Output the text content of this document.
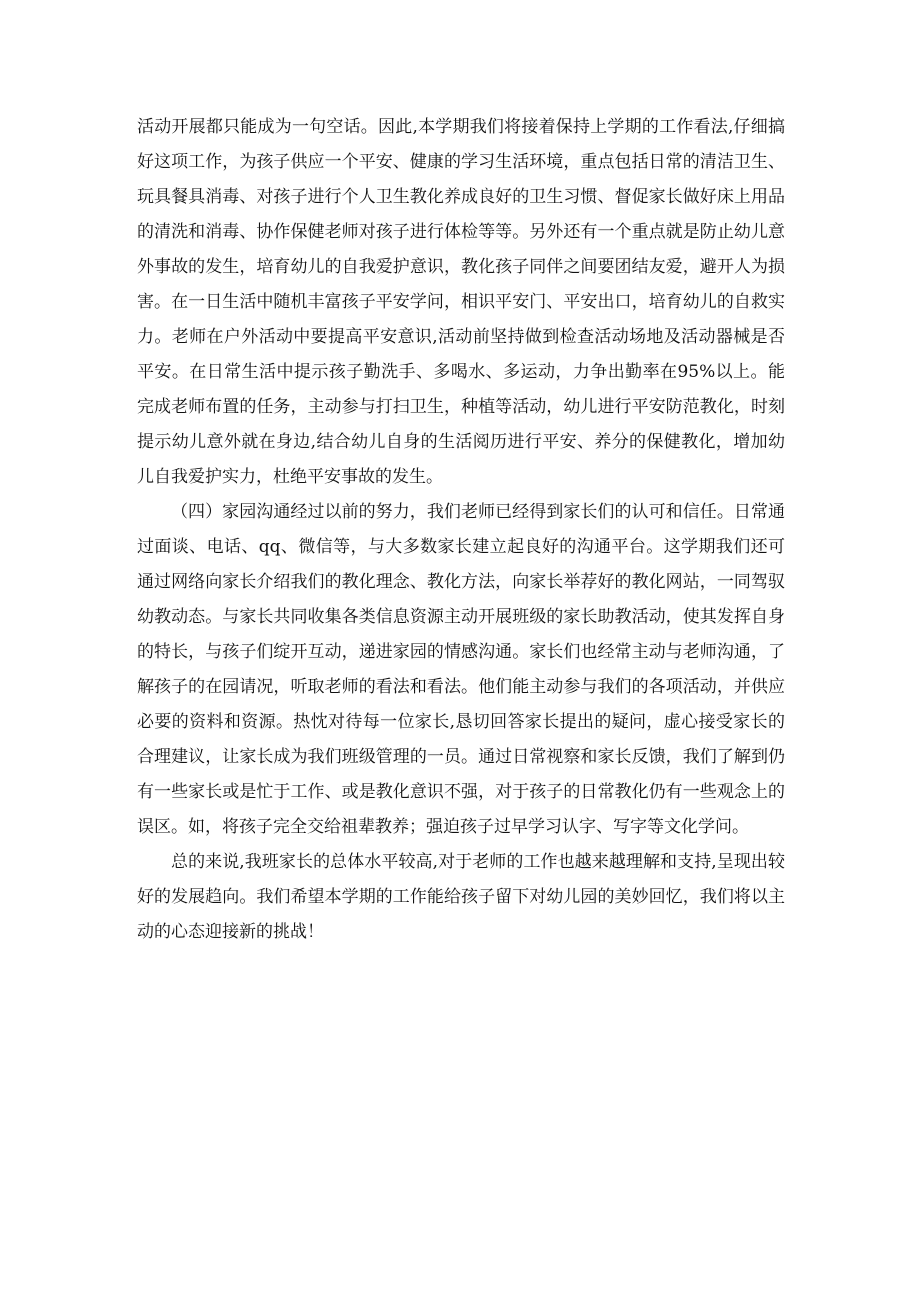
活动开展都只能成为一句空话。因此,本学期我们将接着保持上学期的工作看法,仔细搞好这项工作，为孩子供应一个平安、健康的学习生活环境，重点包括日常的清洁卫生、玩具餐具消毒、对孩子进行个人卫生教化养成良好的卫生习惯、督促家长做好床上用品的清洗和消毒、协作保健老师对孩子进行体检等等。另外还有一个重点就是防止幼儿意外事故的发生，培育幼儿的自我爱护意识，教化孩子同伴之间要团结友爱，避开人为损害。在一日生活中随机丰富孩子平安学问，相识平安门、平安出口，培育幼儿的自救实力。老师在户外活动中要提高平安意识,活动前坚持做到检查活动场地及活动器械是否平安。在日常生活中提示孩子勤洗手、多喝水、多运动，力争出勤率在95%以上。能完成老师布置的任务，主动参与打扫卫生，种植等活动，幼儿进行平安防范教化，时刻提示幼儿意外就在身边,结合幼儿自身的生活阅历进行平安、养分的保健教化，增加幼儿自我爱护实力，杜绝平安事故的发生。

（四）家园沟通经过以前的努力，我们老师已经得到家长们的认可和信任。日常通过面谈、电话、qq、微信等，与大多数家长建立起良好的沟通平台。这学期我们还可通过网络向家长介绍我们的教化理念、教化方法，向家长举荐好的教化网站，一同驾驭幼教动态。与家长共同收集各类信息资源主动开展班级的家长助教活动，使其发挥自身的特长，与孩子们绽开互动，递进家园的情感沟通。家长们也经常主动与老师沟通，了解孩子的在园请况，听取老师的看法和看法。他们能主动参与我们的各项活动，并供应必要的资料和资源。热忱对待每一位家长,恳切回答家长提出的疑问，虚心接受家长的合理建议，让家长成为我们班级管理的一员。通过日常视察和家长反馈，我们了解到仍有一些家长或是忙于工作、或是教化意识不强，对于孩子的日常教化仍有一些观念上的误区。如，将孩子完全交给祖辈教养；强迫孩子过早学习认字、写字等文化学问。

总的来说,我班家长的总体水平较高,对于老师的工作也越来越理解和支持,呈现出较好的发展趋向。我们希望本学期的工作能给孩子留下对幼儿园的美妙回忆，我们将以主动的心态迎接新的挑战！
